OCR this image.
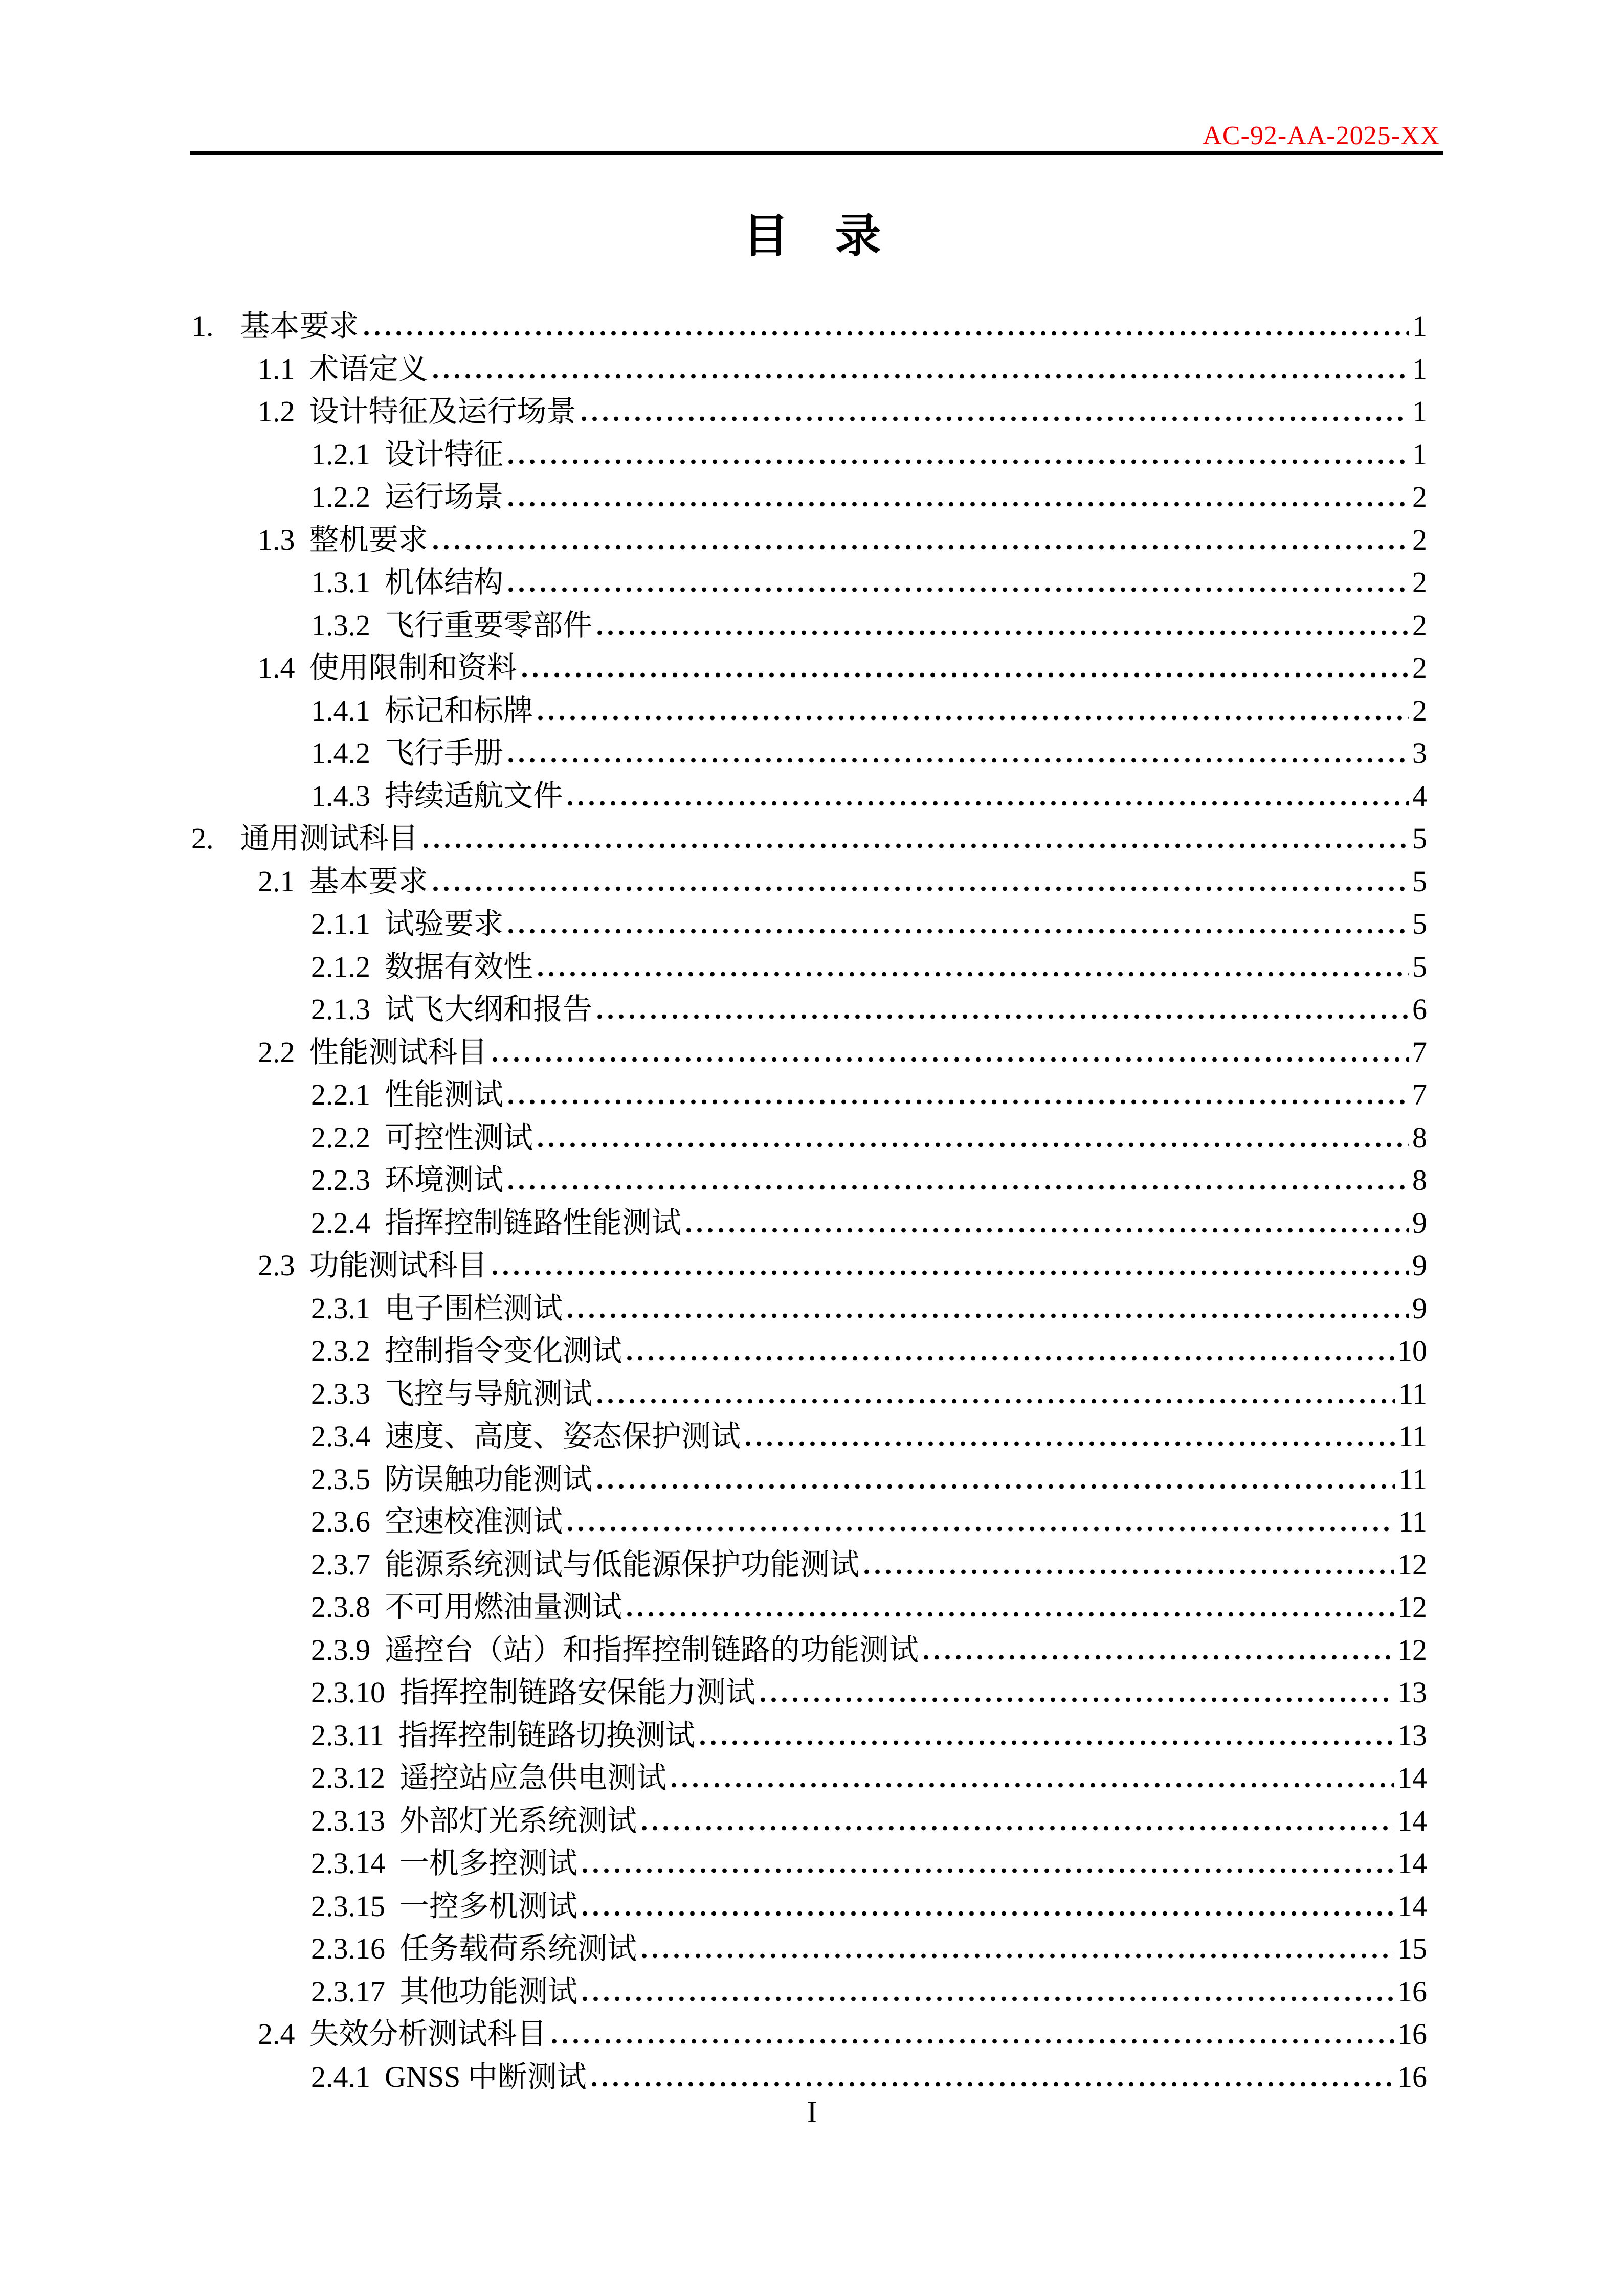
AC-92-AA-2025-XX
目　录
1. 基本要求	1
1.1 术语定义	1
1.2 设计特征及运行场景	1
1.2.1 设计特征	1
1.2.2 运行场景	2
1.3 整机要求	2
1.3.1 机体结构	2
1.3.2 飞行重要零部件	2
1.4 使用限制和资料	2
1.4.1 标记和标牌	2
1.4.2 飞行手册	3
1.4.3 持续适航文件	4
2. 通用测试科目	5
2.1 基本要求	5
2.1.1 试验要求	5
2.1.2 数据有效性	5
2.1.3 试飞大纲和报告	6
2.2 性能测试科目	7
2.2.1 性能测试	7
2.2.2 可控性测试	8
2.2.3 环境测试	8
2.2.4 指挥控制链路性能测试	9
2.3 功能测试科目	9
2.3.1 电子围栏测试	9
2.3.2 控制指令变化测试	10
2.3.3 飞控与导航测试	11
2.3.4 速度、高度、姿态保护测试	11
2.3.5 防误触功能测试	11
2.3.6 空速校准测试	11
2.3.7 能源系统测试与低能源保护功能测试	12
2.3.8 不可用燃油量测试	12
2.3.9 遥控台（站）和指挥控制链路的功能测试	12
2.3.10 指挥控制链路安保能力测试	13
2.3.11 指挥控制链路切换测试	13
2.3.12 遥控站应急供电测试	14
2.3.13 外部灯光系统测试	14
2.3.14 一机多控测试	14
2.3.15 一控多机测试	14
2.3.16 任务载荷系统测试	15
2.3.17 其他功能测试	16
2.4 失效分析测试科目	16
2.4.1 GNSS 中断测试	16
I
